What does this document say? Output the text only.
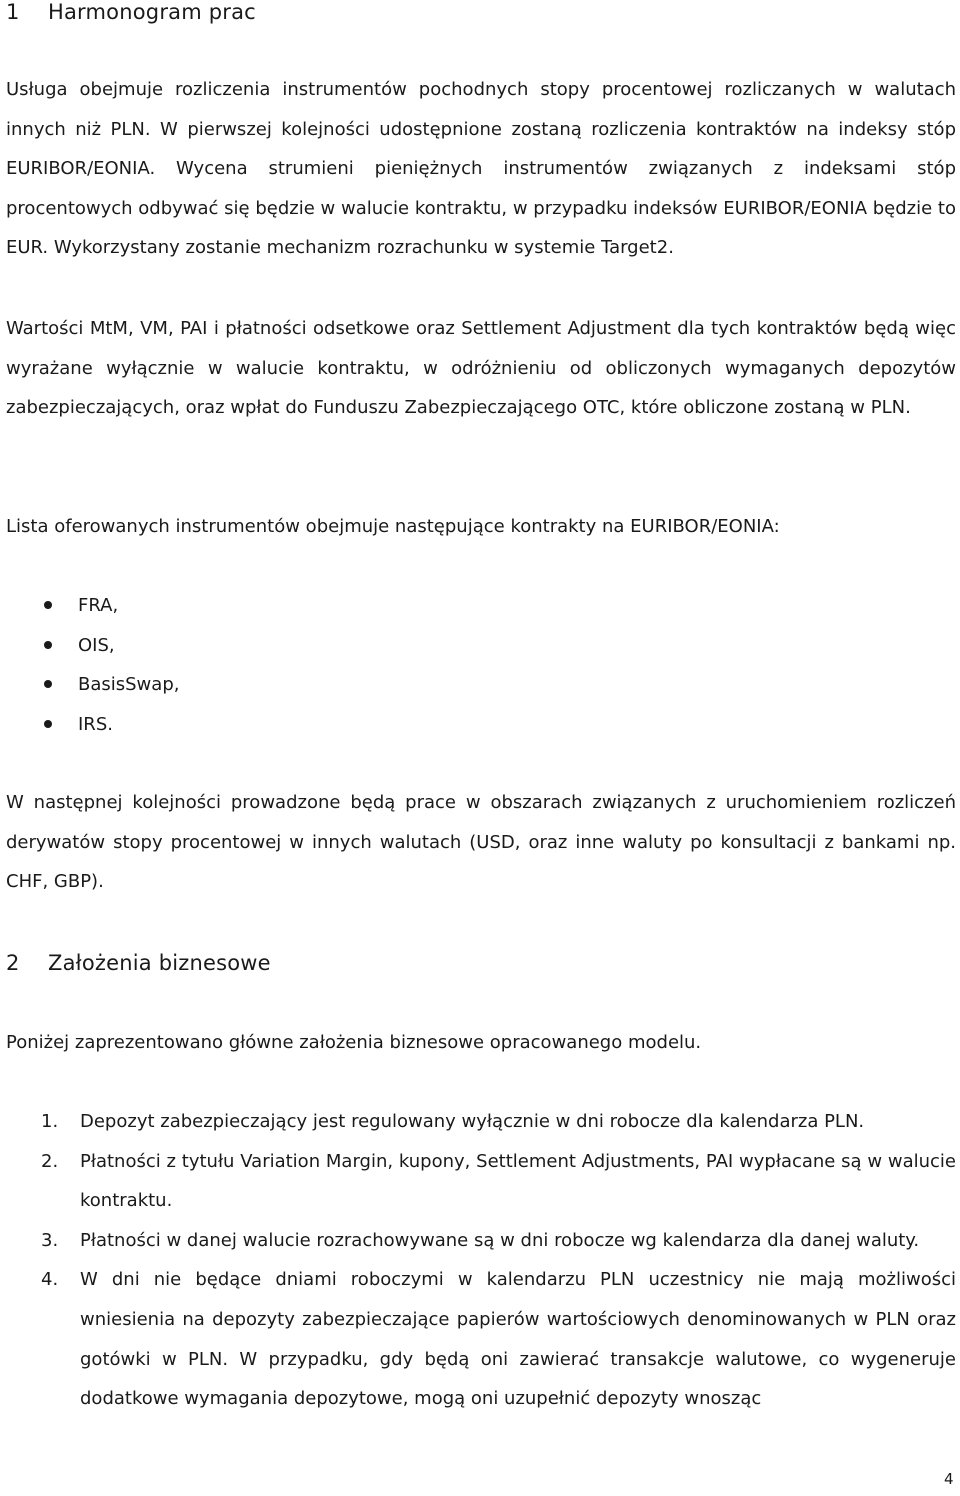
1 Harmonogram prac

Usługa obejmuje rozliczenia instrumentów pochodnych stopy procentowej rozliczanych w walutach innych niż PLN. W pierwszej kolejności udostępnione zostaną rozliczenia kontraktów na indeksy stóp EURIBOR/EONIA. Wycena strumieni pieniężnych instrumentów związanych z indeksami stóp procentowych odbywać się będzie w walucie kontraktu, w przypadku indeksów EURIBOR/EONIA będzie to EUR. Wykorzystany zostanie mechanizm rozrachunku w systemie Target2.

Wartości MtM, VM, PAI i płatności odsetkowe oraz Settlement Adjustment dla tych kontraktów będą więc wyrażane wyłącznie w walucie kontraktu, w odróżnieniu od obliczonych wymaganych depozytów zabezpieczających, oraz wpłat do Funduszu Zabezpieczającego OTC, które obliczone zostaną w PLN.

Lista oferowanych instrumentów obejmuje następujące kontrakty na EURIBOR/EONIA:

FRA,
OIS,
BasisSwap,
IRS.

W następnej kolejności prowadzone będą prace w obszarach związanych z uruchomieniem rozliczeń derywatów stopy procentowej w innych walutach (USD, oraz inne waluty po konsultacji z bankami np. CHF, GBP).

2 Założenia biznesowe

Poniżej zaprezentowano główne założenia biznesowe opracowanego modelu.

1. Depozyt zabezpieczający jest regulowany wyłącznie w dni robocze dla kalendarza PLN.
2. Płatności z tytułu Variation Margin, kupony, Settlement Adjustments, PAI wypłacane są w walucie kontraktu.
3. Płatności w danej walucie rozrachowywane są w dni robocze wg kalendarza dla danej waluty.
4. W dni nie będące dniami roboczymi w kalendarzu PLN uczestnicy nie mają możliwości wniesienia na depozyty zabezpieczające papierów wartościowych denominowanych w PLN oraz gotówki w PLN. W przypadku, gdy będą oni zawierać transakcje walutowe, co wygeneruje dodatkowe wymagania depozytowe, mogą oni uzupełnić depozyty wnosząc
4
